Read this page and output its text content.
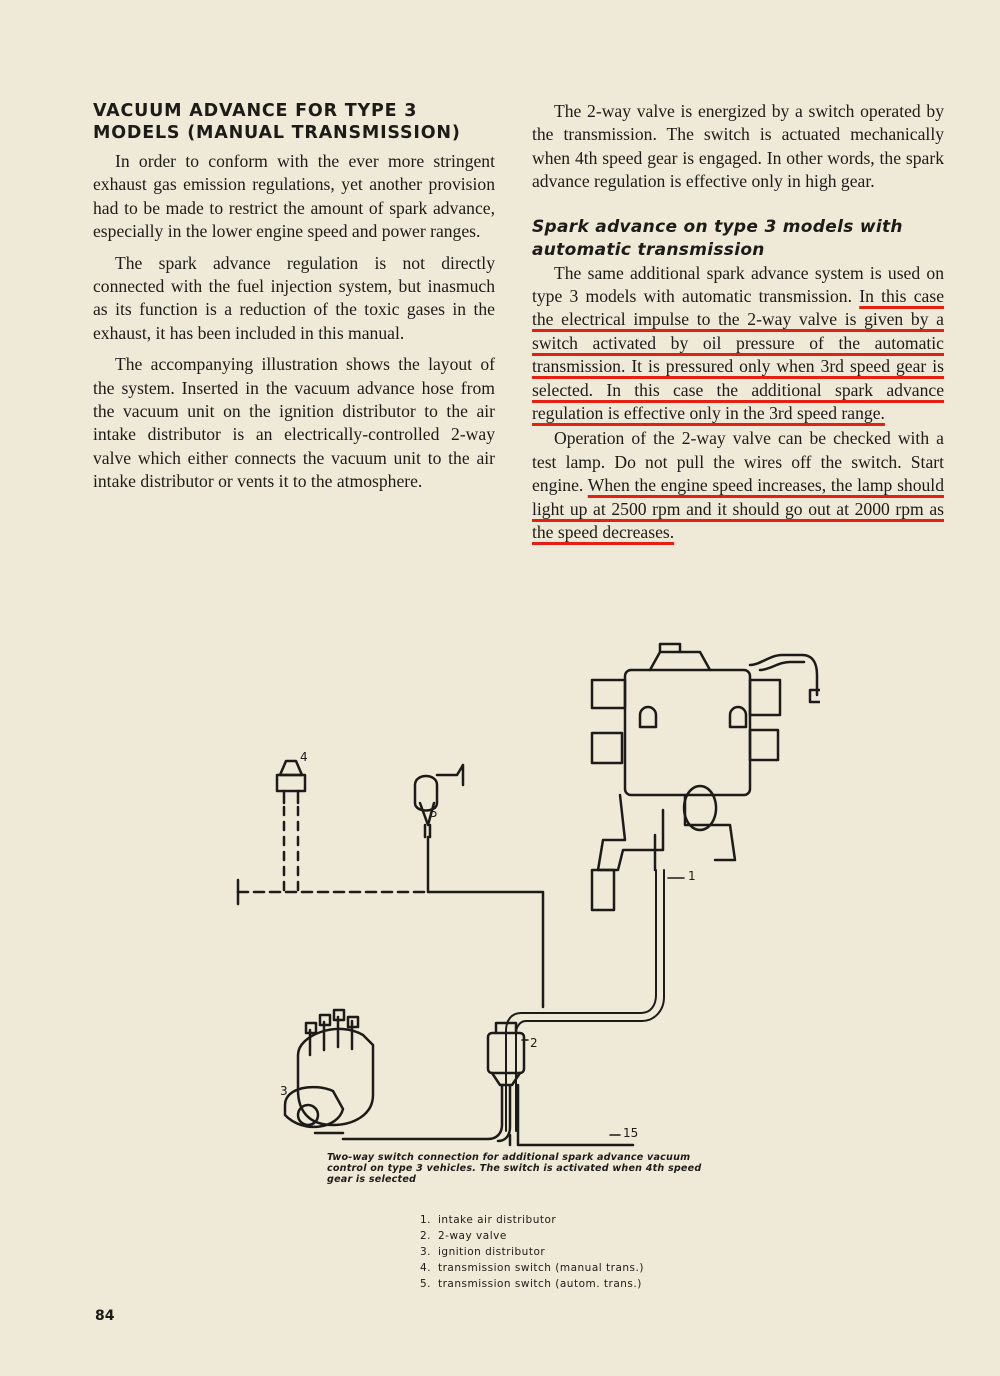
VACUUM ADVANCE FOR TYPE 3 MODELS (MANUAL TRANSMISSION)

In order to conform with the ever more stringent exhaust gas emission regulations, yet another provision had to be made to restrict the amount of spark advance, especially in the lower engine speed and power ranges.

The spark advance regulation is not directly connected with the fuel injection system, but inasmuch as its function is a reduction of the toxic gases in the exhaust, it has been included in this manual.

The accompanying illustration shows the layout of the system. Inserted in the vacuum advance hose from the vacuum unit on the ignition distributor to the air intake distributor is an electrically-controlled 2-way valve which either connects the vacuum unit to the air intake distributor or vents it to the atmosphere.

The 2-way valve is energized by a switch operated by the transmission. The switch is actuated mechanically when 4th speed gear is engaged. In other words, the spark advance regulation is effective only in high gear.

Spark advance on type 3 models with automatic transmission

The same additional spark advance system is used on type 3 models with automatic transmission. In this case the electrical impulse to the 2-way valve is given by a switch activated by oil pressure of the automatic transmission. It is pressured only when 3rd speed gear is selected. In this case the additional spark advance regulation is effective only in the 3rd speed range.

Operation of the 2-way valve can be checked with a test lamp. Do not pull the wires off the switch. Start engine. When the engine speed increases, the lamp should light up at 2500 rpm and it should go out at 2000 rpm as the speed decreases.

1
2
3
4
5
15
Two-way switch connection for additional spark advance vacuum control on type 3 vehicles. The switch is activated when 4th speed gear is selected
1. intake air distributor
2. 2-way valve
3. ignition distributor
4. transmission switch (manual trans.)
5. transmission switch (autom. trans.)
84
